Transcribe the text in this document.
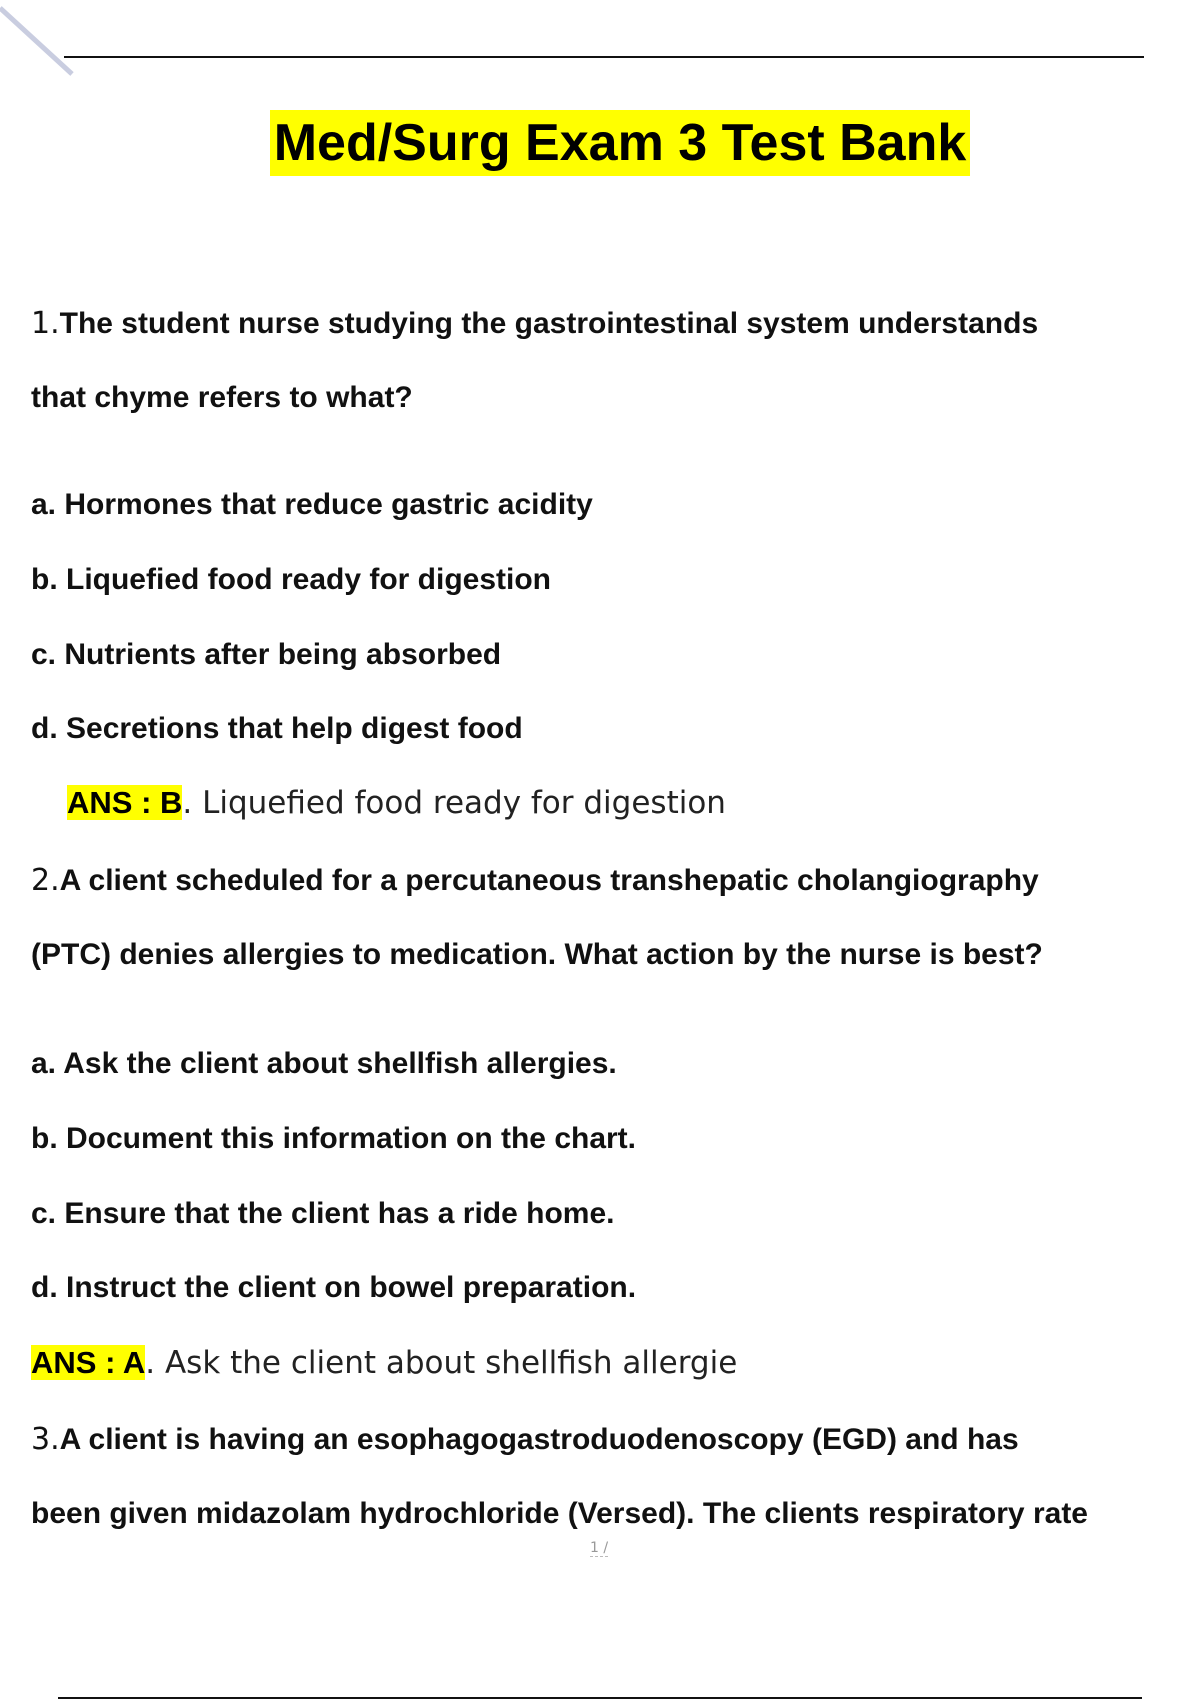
Med/Surg Exam 3 Test Bank
1.The student nurse studying the gastrointestinal system understands
that chyme refers to what?
a. Hormones that reduce gastric acidity
b. Liquefied food ready for digestion
c. Nutrients after being absorbed
d. Secretions that help digest food
ANS : B. Liquefied food ready for digestion
2.A client scheduled for a percutaneous transhepatic cholangiography
(PTC) denies allergies to medication. What action by the nurse is best?
a. Ask the client about shellfish allergies.
b. Document this information on the chart.
c. Ensure that the client has a ride home.
d. Instruct the client on bowel preparation.
ANS : A. Ask the client about shellfish allergie
3.A client is having an esophagogastroduodenoscopy (EGD) and has
been given midazolam hydrochloride (Versed). The clients respiratory rate
1 /
